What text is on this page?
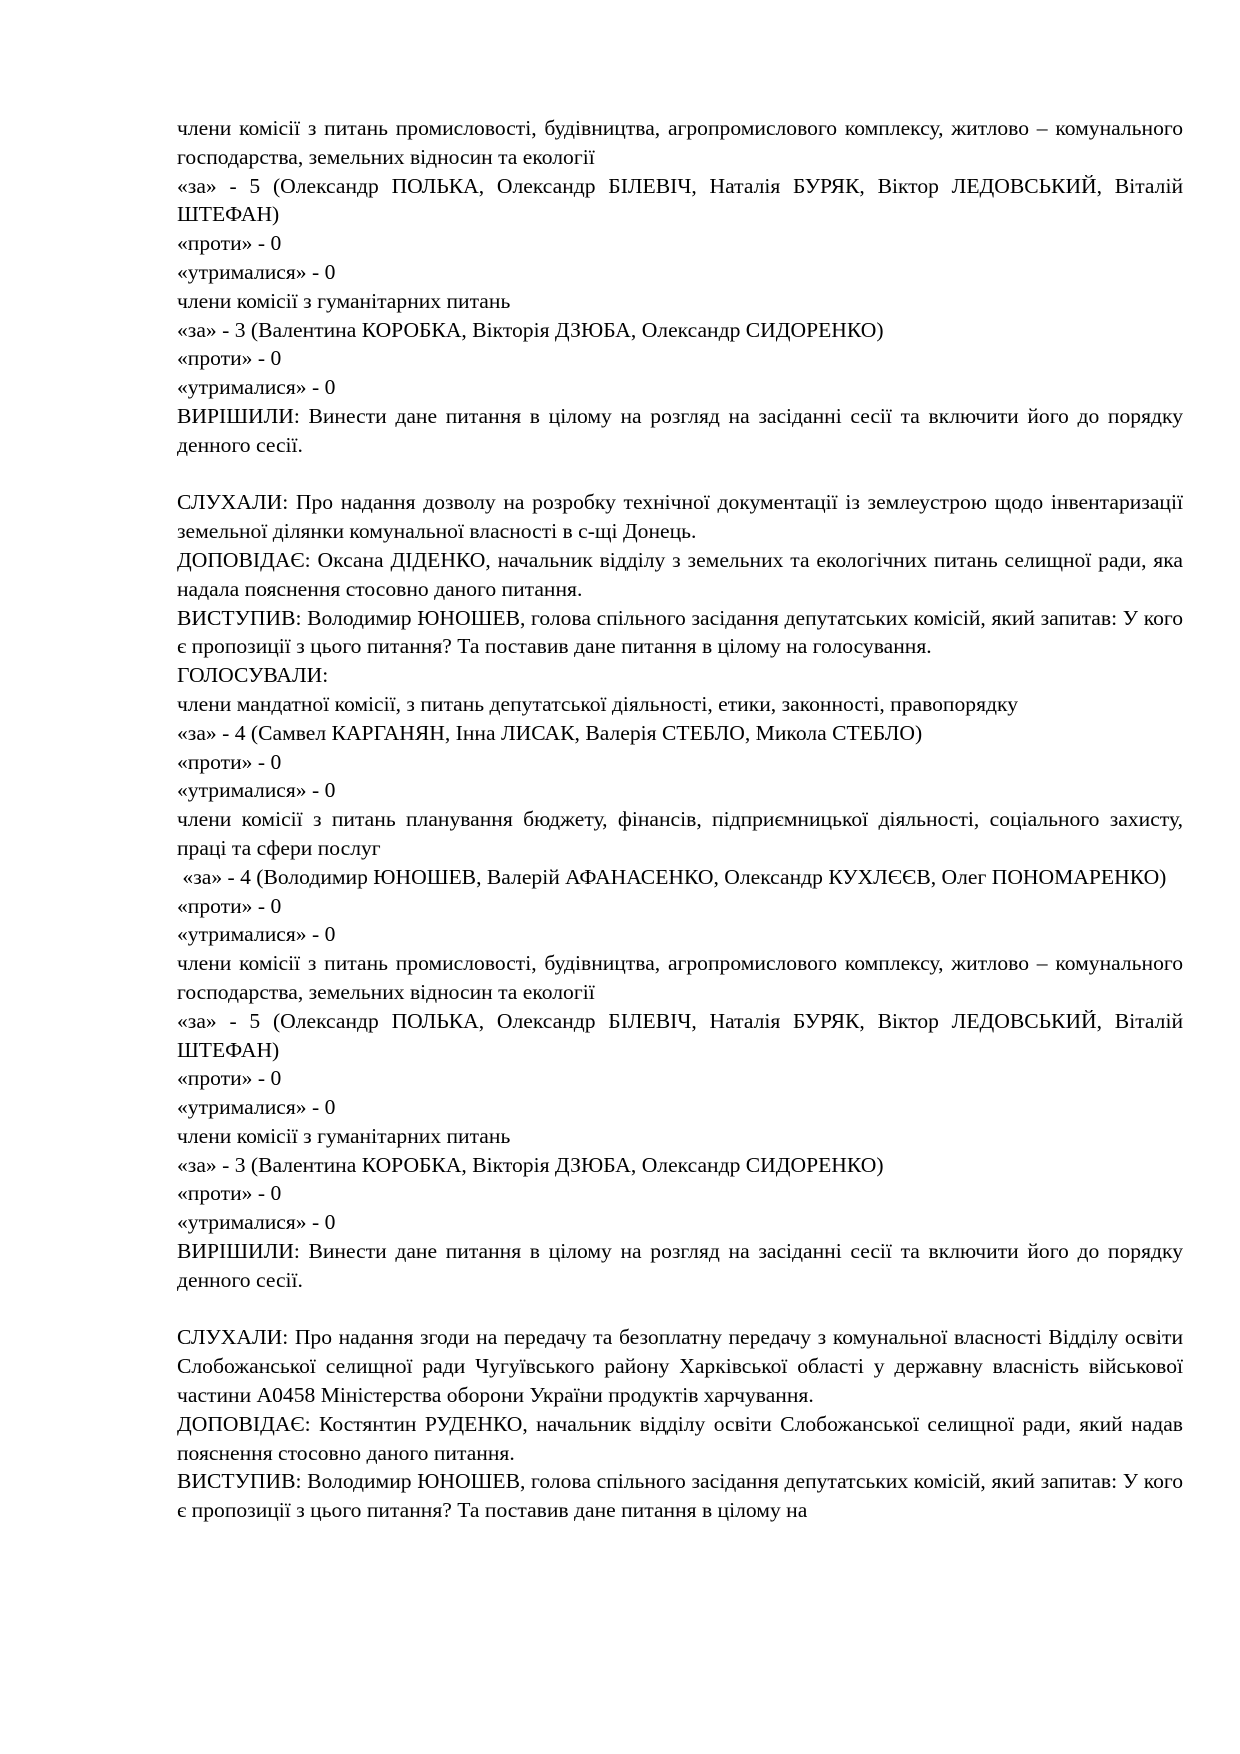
члени комісії з питань промисловості, будівництва, агропромислового комплексу, житлово – комунального господарства, земельних відносин та екології
«за» - 5 (Олександр ПОЛЬКА, Олександр БІЛЕВІЧ, Наталія БУРЯК, Віктор ЛЕДОВСЬКИЙ, Віталій ШТЕФАН)
«проти» - 0
«утрималися» - 0
члени комісії з гуманітарних питань
«за» - 3 (Валентина КОРОБКА, Вікторія ДЗЮБА, Олександр СИДОРЕНКО)
«проти» - 0
«утрималися» - 0
ВИРІШИЛИ: Винести дане питання в цілому на розгляд на засіданні сесії та включити його до порядку денного сесії.
СЛУХАЛИ: Про надання дозволу на розробку технічної документації із землеустрою щодо інвентаризації земельної ділянки комунальної власності в с-щі Донець.
ДОПОВІДАЄ: Оксана ДІДЕНКО, начальник відділу з земельних та екологічних питань селищної ради, яка надала пояснення стосовно даного питання.
ВИСТУПИВ: Володимир ЮНОШЕВ, голова спільного засідання депутатських комісій, який запитав: У кого є пропозиції з цього питання? Та поставив дане питання в цілому на голосування.
ГОЛОСУВАЛИ:
члени мандатної комісії, з питань депутатської діяльності, етики, законності, правопорядку
«за» - 4 (Самвел КАРГАНЯН, Інна ЛИСАК, Валерія СТЕБЛО, Микола СТЕБЛО)
«проти» - 0
«утрималися» - 0
члени комісії з питань планування бюджету, фінансів, підприємницької діяльності, соціального захисту, праці та сфери послуг
«за» - 4 (Володимир ЮНОШЕВ, Валерій АФАНАСЕНКО, Олександр КУХЛЄЄВ, Олег ПОНОМАРЕНКО)
«проти» - 0
«утрималися» - 0
члени комісії з питань промисловості, будівництва, агропромислового комплексу, житлово – комунального господарства, земельних відносин та екології
«за» - 5 (Олександр ПОЛЬКА, Олександр БІЛЕВІЧ, Наталія БУРЯК, Віктор ЛЕДОВСЬКИЙ, Віталій ШТЕФАН)
«проти» - 0
«утрималися» - 0
члени комісії з гуманітарних питань
«за» - 3 (Валентина КОРОБКА, Вікторія ДЗЮБА, Олександр СИДОРЕНКО)
«проти» - 0
«утрималися» - 0
ВИРІШИЛИ: Винести дане питання в цілому на розгляд на засіданні сесії та включити його до порядку денного сесії.
СЛУХАЛИ: Про надання згоди на передачу та безоплатну передачу з комунальної власності Відділу освіти Слобожанської селищної ради Чугуївського району Харківської області у державну власність військової частини А0458 Міністерства оборони України продуктів харчування.
ДОПОВІДАЄ: Костянтин РУДЕНКО, начальник відділу освіти Слобожанської селищної ради, який надав пояснення стосовно даного питання.
ВИСТУПИВ: Володимир ЮНОШЕВ, голова спільного засідання депутатських комісій, який запитав: У кого є пропозиції з цього питання? Та поставив дане питання в цілому на
